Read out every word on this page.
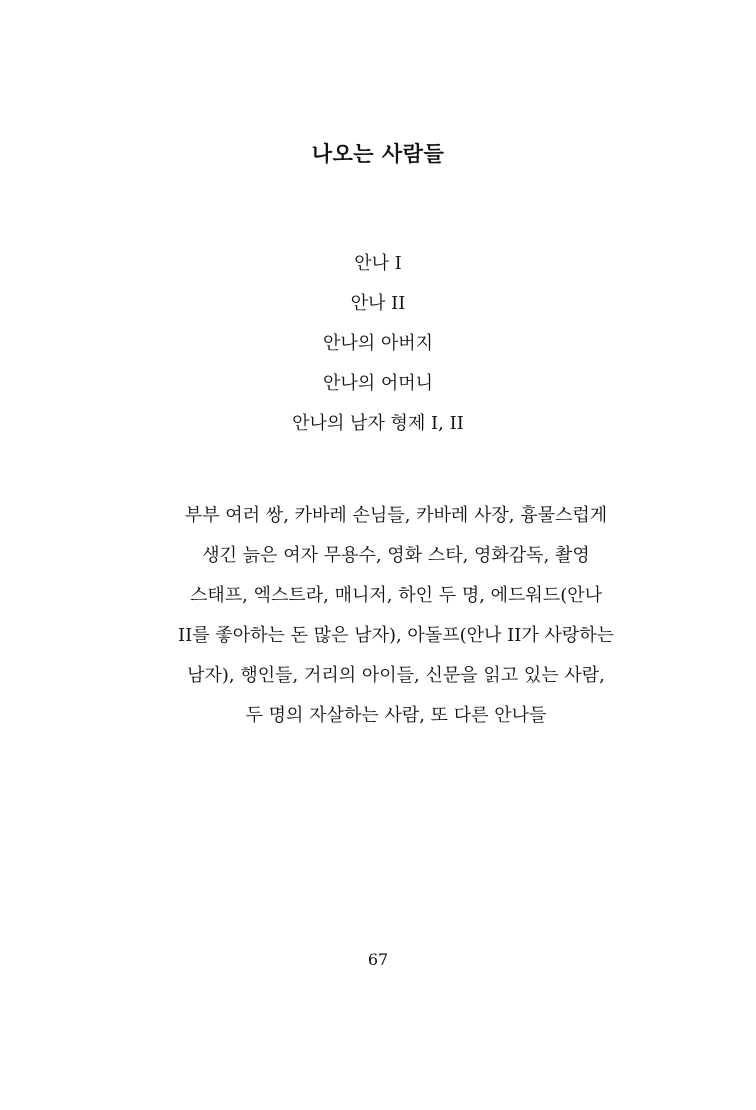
나오는 사람들
안나 I
안나 II
안나의 아버지
안나의 어머니
안나의 남자 형제 I, II

부부 여러 쌍, 카바레 손님들, 카바레 사장, 흉물스럽게
생긴 늙은 여자 무용수, 영화 스타, 영화감독, 촬영
스태프, 엑스트라, 매니저, 하인 두 명, 에드워드(안나
II를 좋아하는 돈 많은 남자), 아돌프(안나 II가 사랑하는
남자), 행인들, 거리의 아이들, 신문을 읽고 있는 사람,
두 명의 자살하는 사람, 또 다른 안나들

67
